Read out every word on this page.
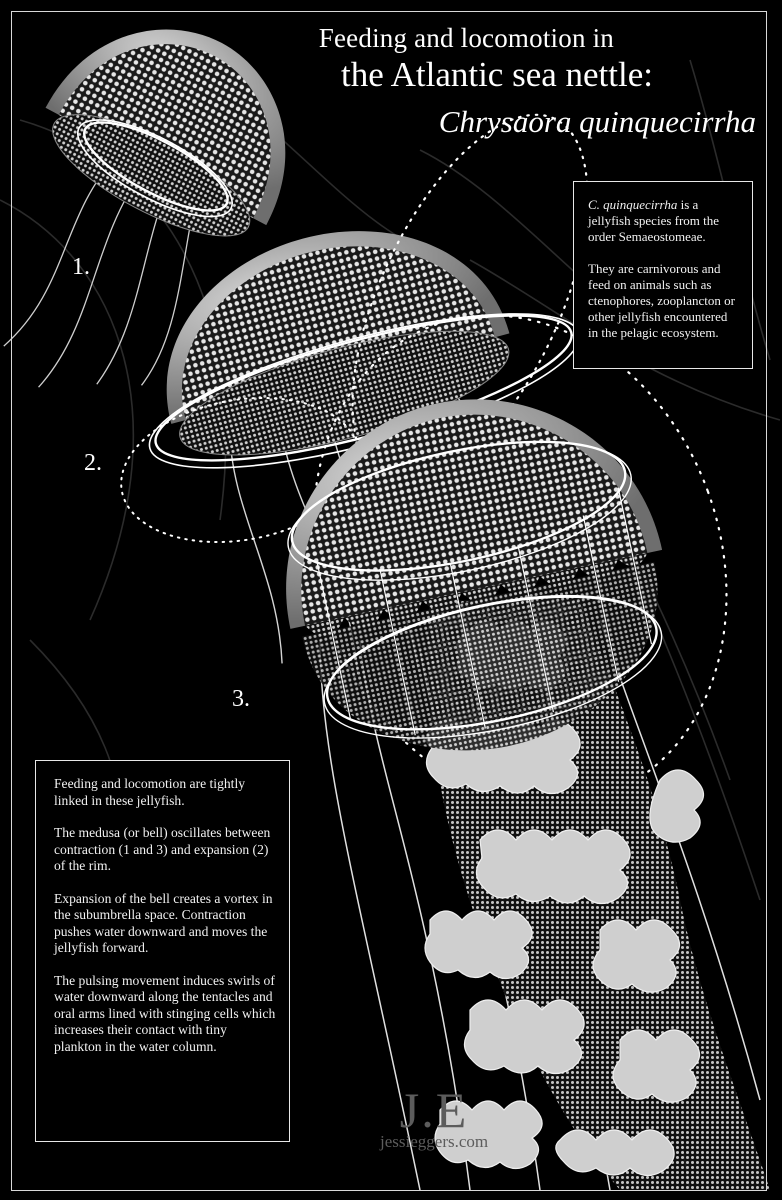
Feeding and locomotion in
the Atlantic sea nettle:
Chrysaora quinquecirrha
1.
2.
3.

C. quinquecirrha is a jellyfish species from the order Semaeostomeae.

They are carnivorous and feed on animals such as ctenophores, zooplancton or other jellyfish encountered in the pelagic ecosystem.

Feeding and locomotion are tightly linked in these jellyfish.

The medusa (or bell) oscillates between contraction (1 and 3) and expansion (2) of the rim.

Expansion of the bell creates a vortex in the subumbrella space. Contraction pushes water downward and moves the jellyfish forward.

The pulsing movement induces swirls of water downward along the tentacles and oral arms lined with stinging cells which increases their contact with tiny plankton in the water column.

J.E
jessieggers.com
